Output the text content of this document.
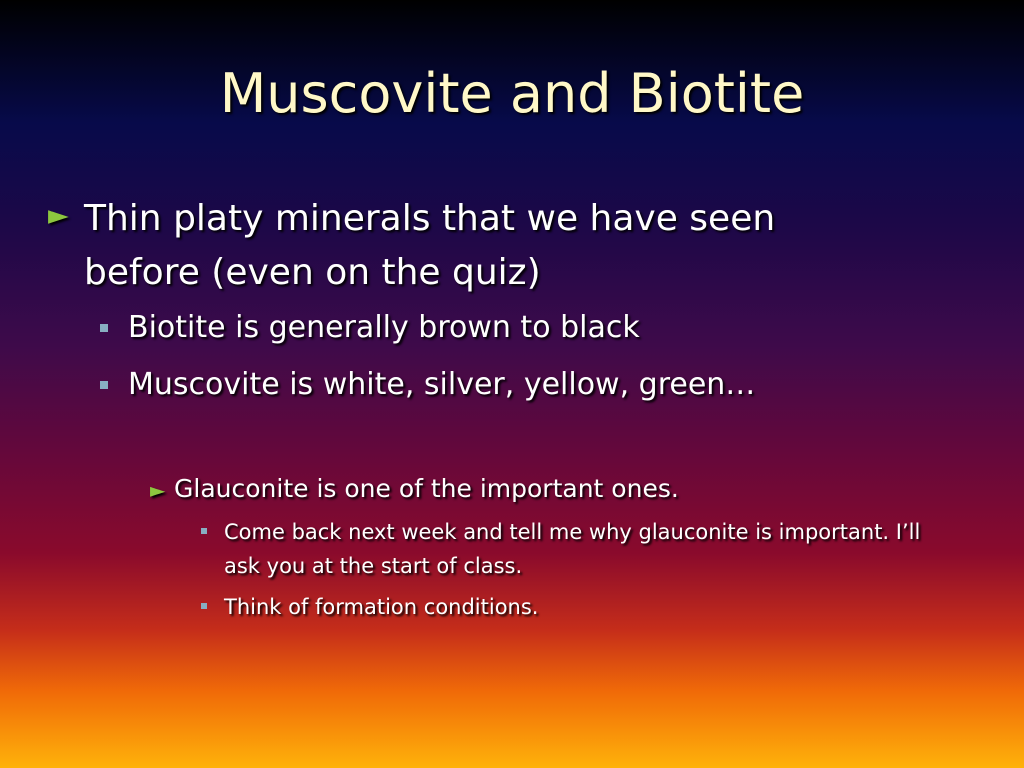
Muscovite and Biotite
► Thin platy minerals that we have seen before (even on the quiz)
Biotite is generally brown to black
Muscovite is white, silver, yellow, green…
► Glauconite is one of the important ones.
Come back next week and tell me why glauconite is important. I’ll ask you at the start of class.
Think of formation conditions.
